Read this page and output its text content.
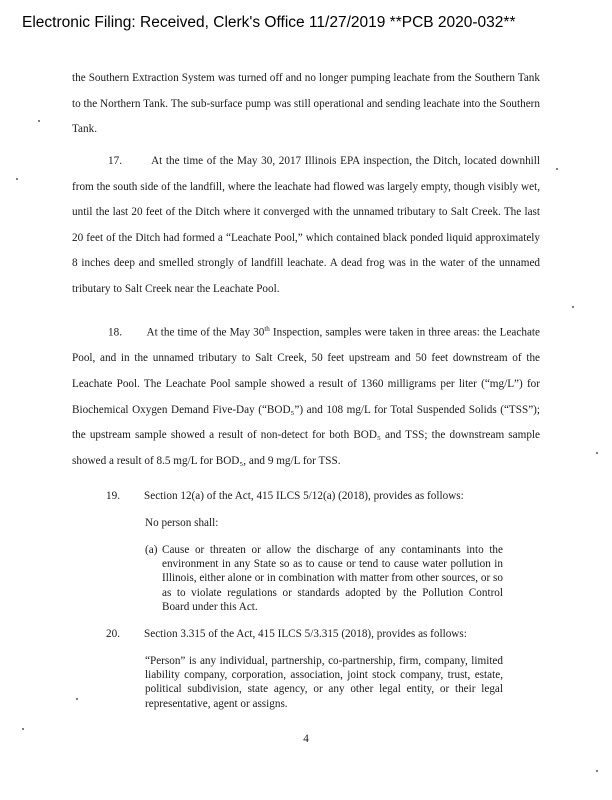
Electronic Filing: Received, Clerk's Office 11/27/2019 **PCB 2020-032**

the Southern Extraction System was turned off and no longer pumping leachate from the Southern Tank to the Northern Tank. The sub-surface pump was still operational and sending leachate into the Southern Tank.

17.	At the time of the May 30, 2017 Illinois EPA inspection, the Ditch, located downhill from the south side of the landfill, where the leachate had flowed was largely empty, though visibly wet, until the last 20 feet of the Ditch where it converged with the unnamed tributary to Salt Creek. The last 20 feet of the Ditch had formed a “Leachate Pool,” which contained black ponded liquid approximately 8 inches deep and smelled strongly of landfill leachate. A dead frog was in the water of the unnamed tributary to Salt Creek near the Leachate Pool.

18. At the time of the May 30th Inspection, samples were taken in three areas: the Leachate Pool, and in the unnamed tributary to Salt Creek, 50 feet upstream and 50 feet downstream of the Leachate Pool. The Leachate Pool sample showed a result of 1360 milligrams per liter (“mg/L”) for Biochemical Oxygen Demand Five-Day (“BOD₅”) and 108 mg/L for Total Suspended Solids (“TSS”); the upstream sample showed a result of non-detect for both BOD₅ and TSS; the downstream sample showed a result of 8.5 mg/L for BOD₅, and 9 mg/L for TSS.

19. Section 12(a) of the Act, 415 ILCS 5/12(a) (2018), provides as follows:
No person shall:

(a) Cause or threaten or allow the discharge of any contaminants into the environment in any State so as to cause or tend to cause water pollution in Illinois, either alone or in combination with matter from other sources, or so as to violate regulations or standards adopted by the Pollution Control Board under this Act.

20. Section 3.315 of the Act, 415 ILCS 5/3.315 (2018), provides as follows:

“Person” is any individual, partnership, co-partnership, firm, company, limited liability company, corporation, association, joint stock company, trust, estate, political subdivision, state agency, or any other legal entity, or their legal representative, agent or assigns.

4
